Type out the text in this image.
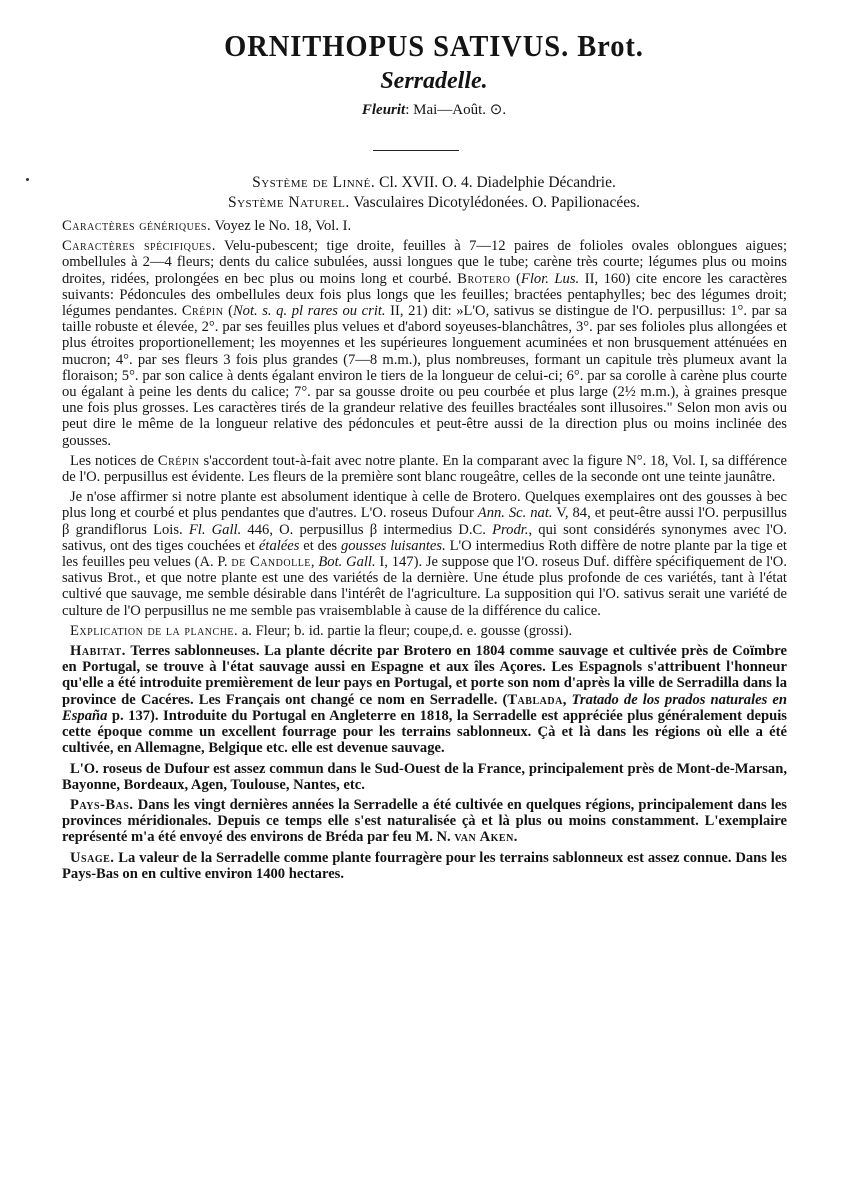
ORNITHOPUS SATIVUS. Brot.
Serradelle.
Fleurit: Mai—Août. ⊙.
Système de Linné. Cl. XVII. O. 4. Diadelphie Décandrie.
Système Naturel. Vasculaires Dicotylédonées. O. Papilionacées.

Caractères génériques. Voyez le No. 18, Vol. I.

Caractères spécifiques. Velu-pubescent; tige droite, feuilles à 7—12 paires de folioles ovales oblongues aigues; ombellules à 2—4 fleurs; dents du calice subulées, aussi longues que le tube; carène très courte; légumes plus ou moins droites, ridées, prolongées en bec plus ou moins long et courbé. Brotero (Flor. Lus. II, 160) cite encore les caractères suivants: Pédoncules des ombellules deux fois plus longs que les feuilles; bractées pentaphylles; bec des légumes droit; légumes pendantes. Crépin (Not. s. q. pl rares ou crit. II, 21) dit: »L'O, sativus se distingue de l'O. perpusillus: 1°. par sa taille robuste et élevée, 2°. par ses feuilles plus velues et d'abord soyeuses-blanchâtres, 3°. par ses folioles plus allongées et plus étroites proportionellement; les moyennes et les supérieures longuement acuminées et non brusquement atténuées en mucron; 4°. par ses fleurs 3 fois plus grandes (7—8 m.m.), plus nombreuses, formant un capitule très plumeux avant la floraison; 5°. par son calice à dents égalant environ le tiers de la longueur de celui-ci; 6°. par sa corolle à carène plus courte ou égalant à peine les dents du calice; 7°. par sa gousse droite ou peu courbée et plus large (2½ m.m.), à graines presque une fois plus grosses. Les caractères tirés de la grandeur relative des feuilles bractéales sont illusoires." Selon mon avis ou peut dire le même de la longueur relative des pédoncules et peut-être aussi de la direction plus ou moins inclinée des gousses.

Les notices de Crépin s'accordent tout-à-fait avec notre plante. En la comparant avec la figure N°. 18, Vol. I, sa différence de l'O. perpusillus est évidente. Les fleurs de la première sont blanc rougeâtre, celles de la seconde ont une teinte jaunâtre.

Je n'ose affirmer si notre plante est absolument identique à celle de Brotero. Quelques exemplaires ont des gousses à bec plus long et courbé et plus pendantes que d'autres. L'O. roseus Dufour Ann. Sc. nat. V, 84, et peut-être aussi l'O. perpusillus β grandiflorus Lois. Fl. Gall. 446, O. perpusillus β intermedius D.C. Prodr., qui sont considérés synonymes avec l'O. sativus, ont des tiges couchées et étalées et des gousses luisantes. L'O intermedius Roth diffère de notre plante par la tige et les feuilles peu velues (A. P. de Candolle, Bot. Gall. I, 147). Je suppose que l'O. roseus Duf. diffère spécifiquement de l'O. sativus Brot., et que notre plante est une des variétés de la dernière. Une étude plus profonde de ces variétés, tant à l'état cultivé que sauvage, me semble désirable dans l'intérêt de l'agriculture. La supposition qui l'O. sativus serait une variété de culture de l'O perpusillus ne me semble pas vraisemblable à cause de la différence du calice.

Explication de la planche. a. Fleur; b. id. partie la fleur; coupe,d. e. gousse (grossi).

Habitat. Terres sablonneuses. La plante décrite par Brotero en 1804 comme sauvage et cultivée près de Coïmbre en Portugal, se trouve à l'état sauvage aussi en Espagne et aux îles Açores. Les Espagnols s'attribuent l'honneur qu'elle a été introduite premièrement de leur pays en Portugal, et porte son nom d'après la ville de Serradilla dans la province de Cacéres. Les Français ont changé ce nom en Serradelle. (Tablada, Tratado de los prados naturales en España p. 137). Introduite du Portugal en Angleterre en 1818, la Serradelle est appréciée plus généralement depuis cette époque comme un excellent fourrage pour les terrains sablonneux. Çà et là dans les régions où elle a été cultivée, en Allemagne, Belgique etc. elle est devenue sauvage.

L'O. roseus de Dufour est assez commun dans le Sud-Ouest de la France, principalement près de Mont-de-Marsan, Bayonne, Bordeaux, Agen, Toulouse, Nantes, etc.

Pays-Bas. Dans les vingt dernières années la Serradelle a été cultivée en quelques régions, principalement dans les provinces méridionales. Depuis ce temps elle s'est naturalisée çà et là plus ou moins constamment. L'exemplaire représenté m'a été envoyé des environs de Bréda par feu M. N. van Aken.

Usage. La valeur de la Serradelle comme plante fourragère pour les terrains sablonneux est assez connue. Dans les Pays-Bas on en cultive environ 1400 hectares.
